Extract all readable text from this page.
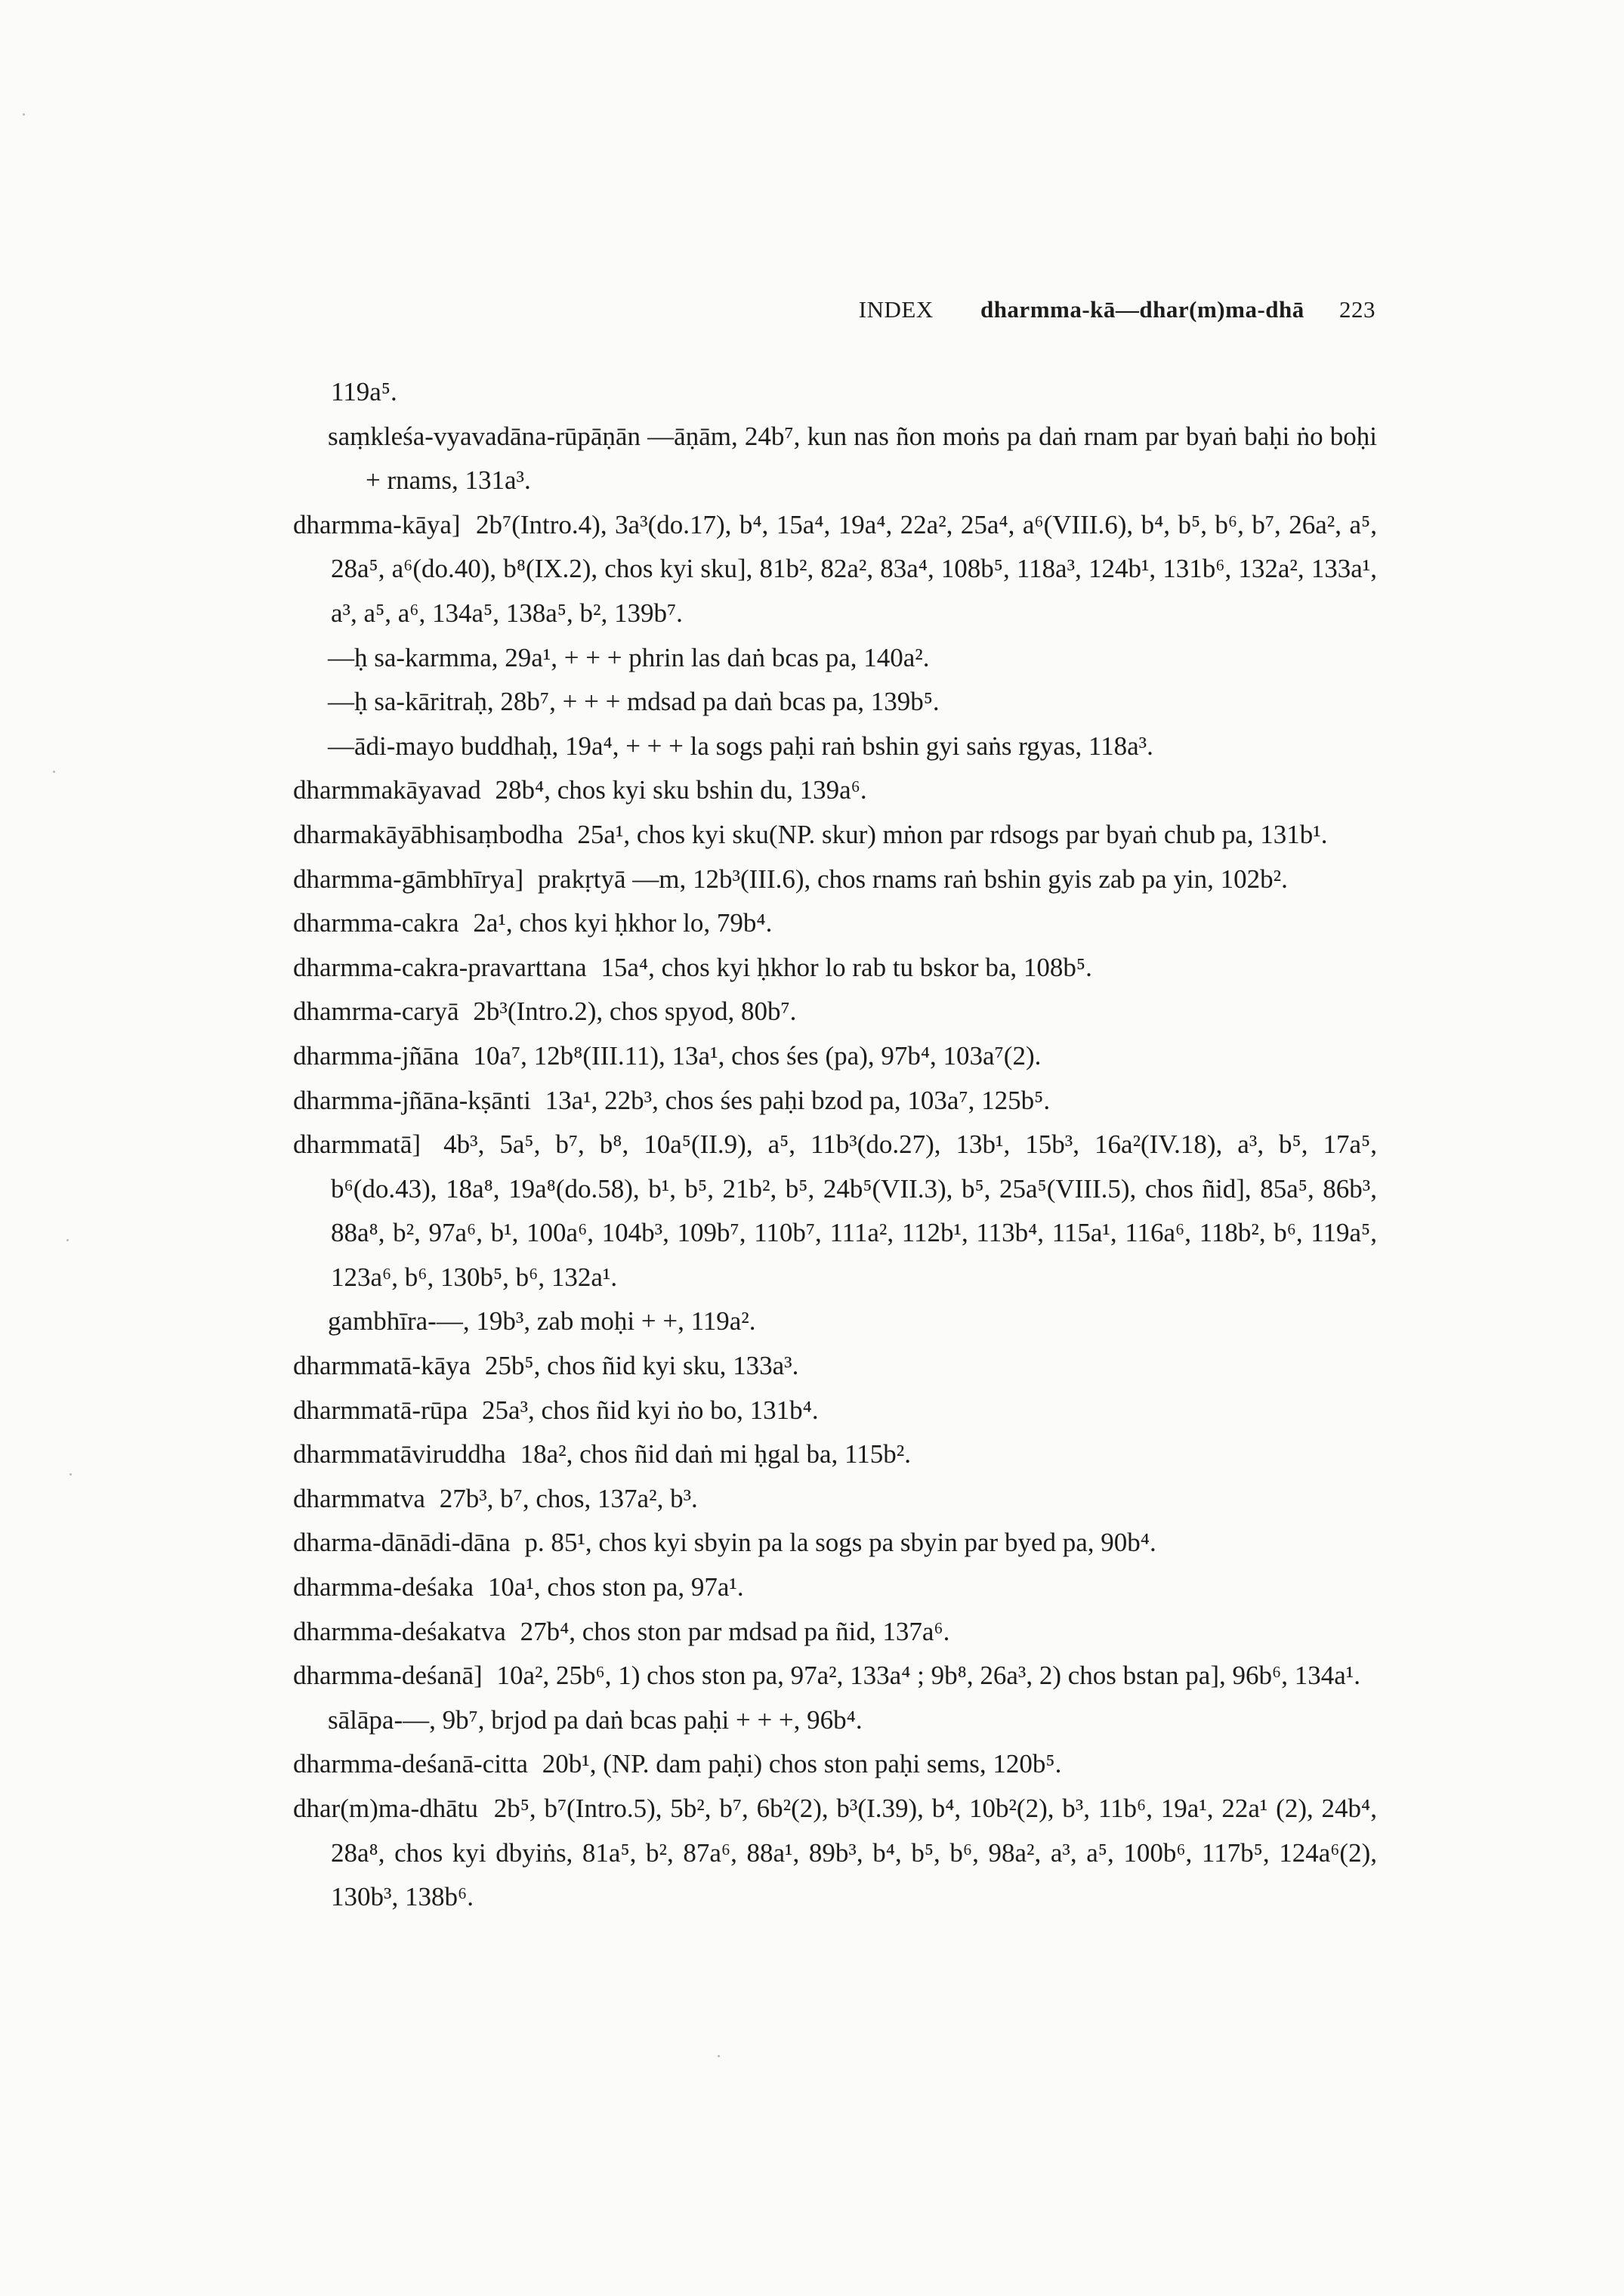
INDEX dharmma-kā—dhar(m)ma-dhā 223
119a⁵.
saṃkleśa-vyavadāna-rūpāṇān —āṇām, 24b⁷, kun nas ñon moṅs pa daṅ rnam par byaṅ baḥi ṅo boḥi + rnams, 131a³.
dharmma-kāya] 2b⁷(Intro.4), 3a³(do.17), b⁴, 15a⁴, 19a⁴, 22a², 25a⁴, a⁶(VIII.6), b⁴, b⁵, b⁶, b⁷, 26a², a⁵, 28a⁵, a⁶(do.40), b⁸(IX.2), chos kyi sku], 81b², 82a², 83a⁴, 108b⁵, 118a³, 124b¹, 131b⁶, 132a², 133a¹, a³, a⁵, a⁶, 134a⁵, 138a⁵, b², 139b⁷.
—ḥ sa-karmma, 29a¹, + + + phrin las daṅ bcas pa, 140a².
—ḥ sa-kāritraḥ, 28b⁷, + + + mdsad pa daṅ bcas pa, 139b⁵.
—ādi-mayo buddhaḥ, 19a⁴, + + + la sogs paḥi raṅ bshin gyi saṅs rgyas, 118a³.
dharmmakāyavad 28b⁴, chos kyi sku bshin du, 139a⁶.
dharmakāyābhisaṃbodha 25a¹, chos kyi sku(NP. skur) mṅon par rdsogs par byaṅ chub pa, 131b¹.
dharmma-gāmbhīrya] prakṛtyā —m, 12b³(III.6), chos rnams raṅ bshin gyis zab pa yin, 102b².
dharmma-cakra 2a¹, chos kyi ḥkhor lo, 79b⁴.
dharmma-cakra-pravarttana 15a⁴, chos kyi ḥkhor lo rab tu bskor ba, 108b⁵.
dhamrma-caryā 2b³(Intro.2), chos spyod, 80b⁷.
dharmma-jñāna 10a⁷, 12b⁸(III.11), 13a¹, chos śes (pa), 97b⁴, 103a⁷(2).
dharmma-jñāna-kṣānti 13a¹, 22b³, chos śes paḥi bzod pa, 103a⁷, 125b⁵.
dharmmatā] 4b³, 5a⁵, b⁷, b⁸, 10a⁵(II.9), a⁵, 11b³(do.27), 13b¹, 15b³, 16a²(IV.18), a³, b⁵, 17a⁵, b⁶(do.43), 18a⁸, 19a⁸(do.58), b¹, b⁵, 21b², b⁵, 24b⁵(VII.3), b⁵, 25a⁵(VIII.5), chos ñid], 85a⁵, 86b³, 88a⁸, b², 97a⁶, b¹, 100a⁶, 104b³, 109b⁷, 110b⁷, 111a², 112b¹, 113b⁴, 115a¹, 116a⁶, 118b², b⁶, 119a⁵, 123a⁶, b⁶, 130b⁵, b⁶, 132a¹.
gambhīra-—, 19b³, zab moḥi + +, 119a².
dharmmatā-kāya 25b⁵, chos ñid kyi sku, 133a³.
dharmmatā-rūpa 25a³, chos ñid kyi ṅo bo, 131b⁴.
dharmmatāviruddha 18a², chos ñid daṅ mi ḥgal ba, 115b².
dharmmatva 27b³, b⁷, chos, 137a², b³.
dharma-dānādi-dāna p. 85¹, chos kyi sbyin pa la sogs pa sbyin par byed pa, 90b⁴.
dharmma-deśaka 10a¹, chos ston pa, 97a¹.
dharmma-deśakatva 27b⁴, chos ston par mdsad pa ñid, 137a⁶.
dharmma-deśanā] 10a², 25b⁶, 1) chos ston pa, 97a², 133a⁴ ; 9b⁸, 26a³, 2) chos bstan pa], 96b⁶, 134a¹.
sālāpa-—, 9b⁷, brjod pa daṅ bcas paḥi + + +, 96b⁴.
dharmma-deśanā-citta 20b¹, (NP. dam paḥi) chos ston paḥi sems, 120b⁵.
dhar(m)ma-dhātu 2b⁵, b⁷(Intro.5), 5b², b⁷, 6b²(2), b³(I.39), b⁴, 10b²(2), b³, 11b⁶, 19a¹, 22a¹ (2), 24b⁴, 28a⁸, chos kyi dbyiṅs, 81a⁵, b², 87a⁶, 88a¹, 89b³, b⁴, b⁵, b⁶, 98a², a³, a⁵, 100b⁶, 117b⁵, 124a⁶(2), 130b³, 138b⁶.
